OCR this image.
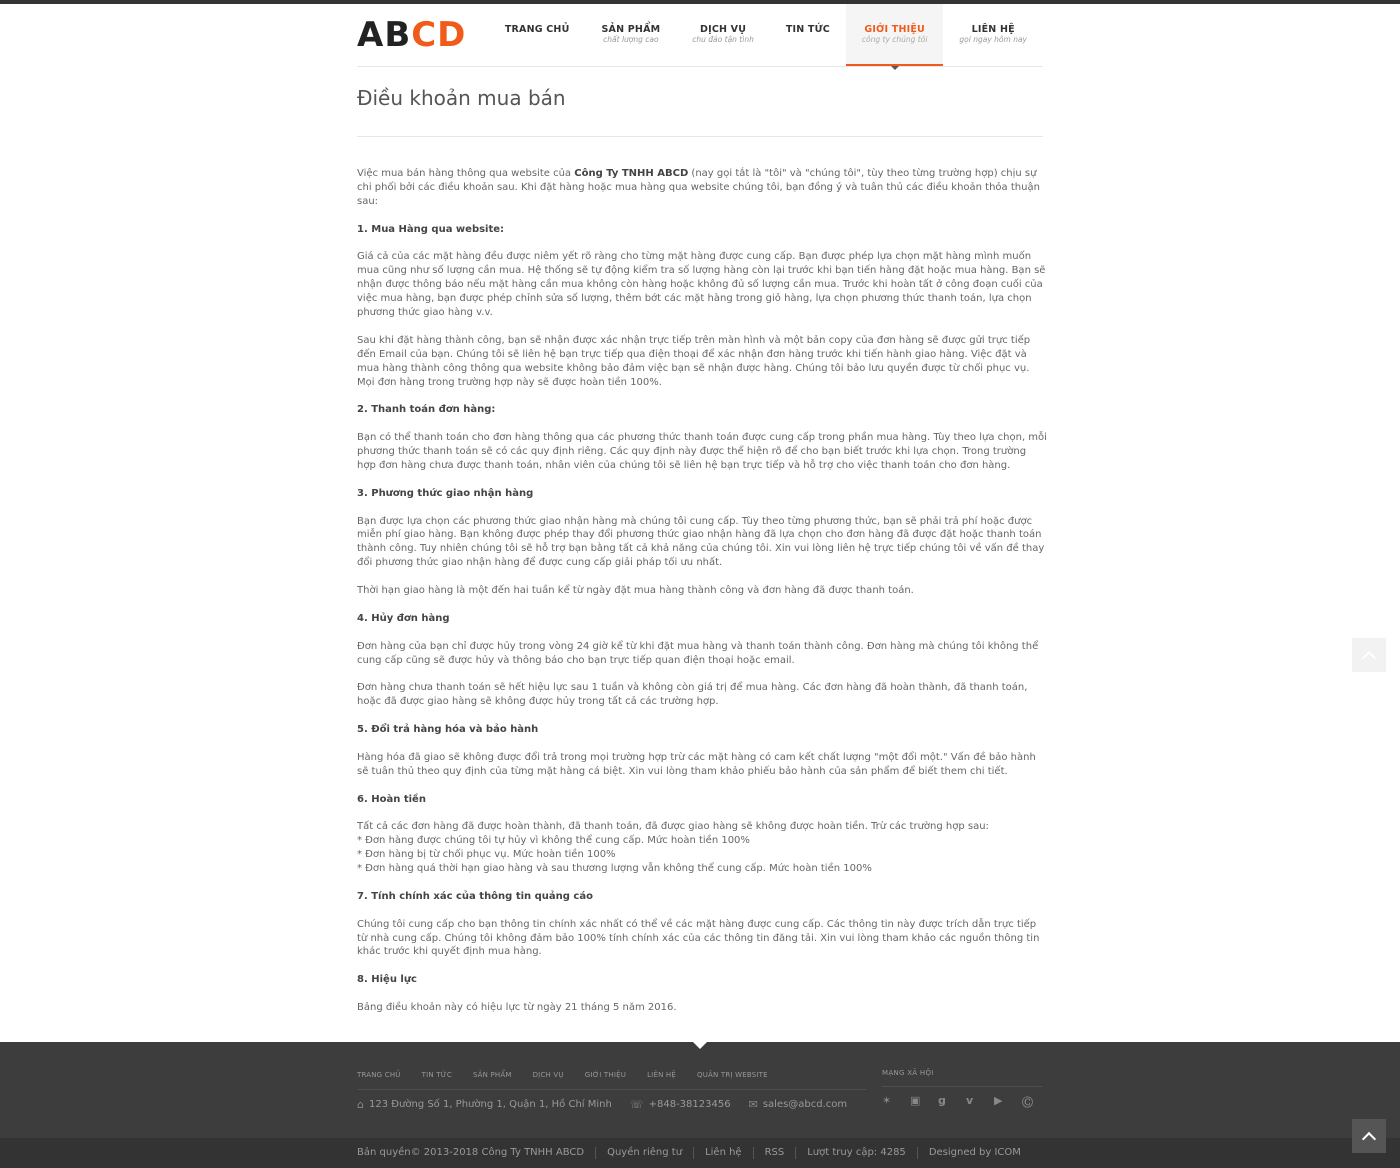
ABCD	TRANG CHỦ	SẢN PHẨM
chất lượng cao
DỊCH VỤ
chu đáo tận tình
TIN TỨC	GIỚI THIỆU
công ty chúng tôi
LIÊN HỆ
gọi ngay hôm nay
Điều khoản mua bán

Việc mua bán hàng thông qua website của Công Ty TNHH ABCD (nay gọi tắt là "tôi" và "chúng tôi", tùy theo từng trường hợp) chịu sự chi phối bởi các điều khoản sau. Khi đặt hàng hoặc mua hàng qua website chúng tôi, bạn đồng ý và tuân thủ các điều khoản thỏa thuận sau:

1. Mua Hàng qua website:

Giá cả của các mặt hàng đều được niêm yết rõ ràng cho từng mặt hàng được cung cấp. Bạn được phép lựa chọn mặt hàng mình muốn mua cũng như số lượng cần mua. Hệ thống sẽ tự động kiểm tra số lượng hàng còn lại trước khi bạn tiến hàng đặt hoặc mua hàng. Bạn sẽ nhận được thông báo nếu mặt hàng cần mua không còn hàng hoặc không đủ số lượng cần mua. Trước khi hoàn tất ở công đoạn cuối của việc mua hàng, bạn được phép chỉnh sửa số lượng, thêm bớt các mặt hàng trong giỏ hàng, lựa chọn phương thức thanh toán, lựa chọn phương thức giao hàng v.v.

Sau khi đặt hàng thành công, bạn sẽ nhận được xác nhận trực tiếp trên màn hình và một bản copy của đơn hàng sẽ được gửi trực tiếp đến Email của bạn. Chúng tôi sẽ liên hệ bạn trực tiếp qua điện thoại để xác nhận đơn hàng trước khi tiến hành giao hàng. Việc đặt và mua hàng thành công thông qua website không bảo đảm việc bạn sẽ nhận được hàng. Chúng tôi bảo lưu quyền được từ chối phục vụ. Mọi đơn hàng trong trường hợp này sẽ được hoàn tiền 100%.

2. Thanh toán đơn hàng:

Bạn có thể thanh toán cho đơn hàng thông qua các phương thức thanh toán được cung cấp trong phần mua hàng. Tùy theo lựa chọn, mỗi phương thức thanh toán sẽ có các quy định riêng. Các quy định này được thể hiện rõ để cho bạn biết trước khi lựa chọn. Trong trường hợp đơn hàng chưa được thanh toán, nhân viên của chúng tôi sẽ liên hệ bạn trực tiếp và hỗ trợ cho việc thanh toán cho đơn hàng.

3. Phương thức giao nhận hàng

Bạn được lựa chọn các phương thức giao nhận hàng mà chúng tôi cung cấp. Tùy theo từng phương thức, bạn sẽ phải trả phí hoặc được miễn phí giao hàng. Bạn không được phép thay đổi phương thức giao nhận hàng đã lựa chọn cho đơn hàng đã được đặt hoặc thanh toán thành công. Tuy nhiên chúng tôi sẽ hỗ trợ bạn bằng tất cả khả năng của chúng tôi. Xin vui lòng liên hệ trực tiếp chúng tôi về vấn đề thay đổi phương thức giao nhận hàng để được cung cấp giải pháp tối ưu nhất.

Thời hạn giao hàng là một đến hai tuần kể từ ngày đặt mua hàng thành công và đơn hàng đã được thanh toán.

4. Hủy đơn hàng

Đơn hàng của bạn chỉ được hủy trong vòng 24 giờ kể từ khi đặt mua hàng và thanh toán thành công. Đơn hàng mà chúng tôi không thể cung cấp cũng sẽ được hủy và thông báo cho bạn trực tiếp quan điện thoại hoặc email.

Đơn hàng chưa thanh toán sẽ hết hiệu lực sau 1 tuần và không còn giá trị để mua hàng. Các đơn hàng đã hoàn thành, đã thanh toán, hoặc đã được giao hàng sẽ không được hủy trong tất cả các trường hợp.

5. Đổi trả hàng hóa và bảo hành

Hàng hóa đã giao sẽ không được đổi trả trong mọi trường hợp trừ các mặt hàng có cam kết chất lượng "một đổi một." Vấn đề bảo hành sẽ tuân thủ theo quy định của từng mặt hàng cá biệt. Xin vui lòng tham khảo phiếu bảo hành của sản phẩm để biết them chi tiết.

6. Hoàn tiền

Tất cả các đơn hàng đã được hoàn thành, đã thanh toán, đã được giao hàng sẽ không được hoàn tiền. Trừ các trường hợp sau:
* Đơn hàng được chúng tôi tự hủy vì không thể cung cấp. Mức hoàn tiền 100%
* Đơn hàng bị từ chối phục vụ. Mức hoàn tiền 100%
* Đơn hàng quá thời hạn giao hàng và sau thương lượng vẫn không thể cung cấp. Mức hoàn tiền 100%

7. Tính chính xác của thông tin quảng cáo

Chúng tôi cung cấp cho bạn thông tin chính xác nhất có thể về các mặt hàng được cung cấp. Các thông tin này được trích dẫn trực tiếp từ nhà cung cấp. Chúng tôi không đảm bảo 100% tính chính xác của các thông tin đăng tải. Xin vui lòng tham khảo các nguồn thông tin khác trước khi quyết định mua hàng.

8. Hiệu lực

Bảng điều khoản này có hiệu lực từ ngày 21 tháng 5 năm 2016.

TRANG CHỦ	TIN TỨC	SẢN PHẨM	DỊCH VỤ	GIỚI THIỆU	LIÊN HỆ	QUẢN TRỊ WEBSITE
⌂ 123 Đường Số 1, Phường 1, Quận 1, Hồ Chí Minh ☏ +848-38123456 ✉ sales@abcd.com
MẠNG XÃ HỘI
✶	▣	g	v	▶	Ⓒ
Bản quyền© 2013-2018 Công Ty TNHH ABCD	Quyền riêng tư	Liên hệ	RSS	Lượt truy cập: 4285	Designed by ICOM
